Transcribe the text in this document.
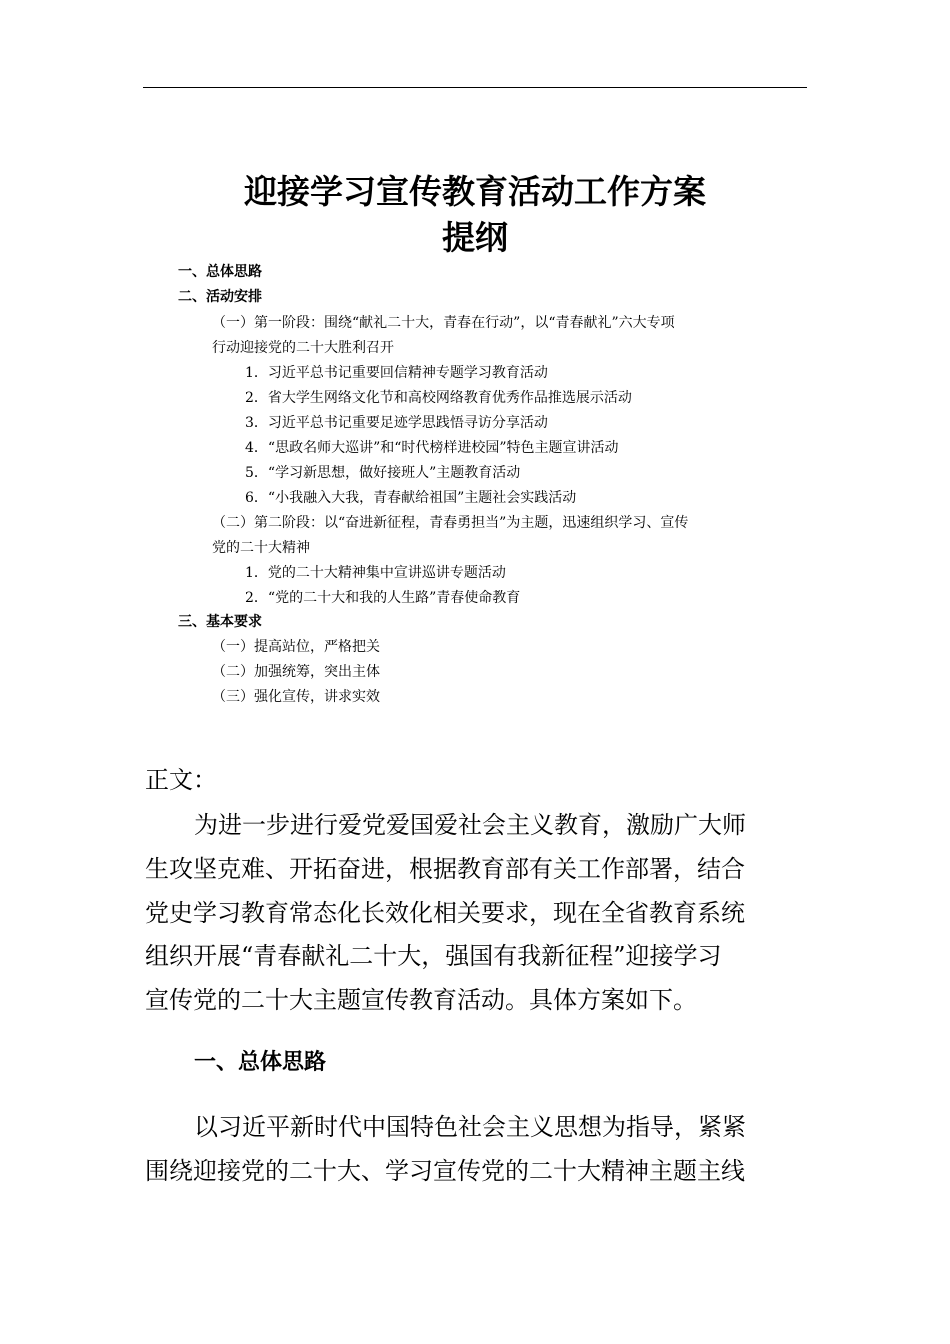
迎接学习宣传教育活动工作方案
提纲
一、总体思路
二、活动安排
（一）第一阶段：围绕“献礼二十大，青春在行动”，以“青春献礼”六大专项
行动迎接党的二十大胜利召开
1．习近平总书记重要回信精神专题学习教育活动
2．省大学生网络文化节和高校网络教育优秀作品推选展示活动
3．习近平总书记重要足迹学思践悟寻访分享活动
4．“思政名师大巡讲”和“时代榜样进校园”特色主题宣讲活动
5．“学习新思想，做好接班人”主题教育活动
6．“小我融入大我，青春献给祖国”主题社会实践活动
（二）第二阶段：以“奋进新征程，青春勇担当”为主题，迅速组织学习、宣传
党的二十大精神
1．党的二十大精神集中宣讲巡讲专题活动
2．“党的二十大和我的人生路”青春使命教育
三、基本要求
（一）提高站位，严格把关
（二）加强统筹，突出主体
（三）强化宣传，讲求实效
正文：
为进一步进行爱党爱国爱社会主义教育，激励广大师
生攻坚克难、开拓奋进，根据教育部有关工作部署，结合
党史学习教育常态化长效化相关要求，现在全省教育系统
组织开展“青春献礼二十大，强国有我新征程”迎接学习
宣传党的二十大主题宣传教育活动。具体方案如下。
一、总体思路
以习近平新时代中国特色社会主义思想为指导，紧紧
围绕迎接党的二十大、学习宣传党的二十大精神主题主线
